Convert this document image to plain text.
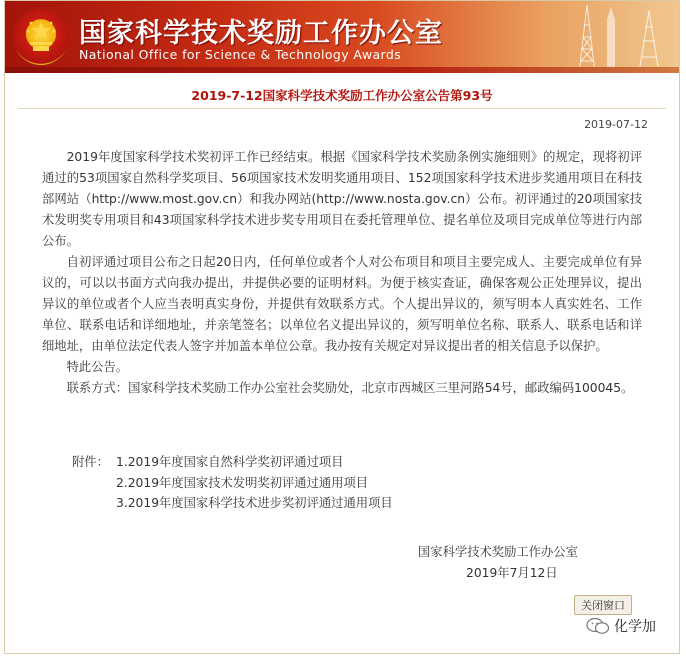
国家科学技术奖励工作办公室
National Office for Science & Technology Awards
2019-7-12国家科学技术奖励工作办公室公告第93号
2019-07-12

2019年度国家科学技术奖初评工作已经结束。根据《国家科学技术奖励条例实施细则》的规定，现将初评通过的53项国家自然科学奖项目、56项国家技术发明奖通用项目、152项国家科学技术进步奖通用项目在科技部网站（http://www.most.gov.cn）和我办网站(http://www.nosta.gov.cn）公布。初评通过的20项国家技术发明奖专用项目和43项国家科学技术进步奖专用项目在委托管理单位、提名单位及项目完成单位等进行内部公布。

自初评通过项目公布之日起20日内，任何单位或者个人对公布项目和项目主要完成人、主要完成单位有异议的，可以以书面方式向我办提出，并提供必要的证明材料。为便于核实查证，确保客观公正处理异议，提出异议的单位或者个人应当表明真实身份，并提供有效联系方式。个人提出异议的，须写明本人真实姓名、工作单位、联系电话和详细地址，并亲笔签名；以单位名义提出异议的，须写明单位名称、联系人、联系电话和详细地址，由单位法定代表人签字并加盖本单位公章。我办按有关规定对异议提出者的相关信息予以保护。

特此公告。

联系方式：国家科学技术奖励工作办公室社会奖励处，北京市西城区三里河路54号，邮政编码100045。

附件： 1.2019年度国家自然科学奖初评通过项目
2.2019年度国家技术发明奖初评通过通用项目
3.2019年度国家科学技术进步奖初评通过通用项目
国家科学技术奖励工作办公室
2019年7月12日
关闭窗口
化学加
